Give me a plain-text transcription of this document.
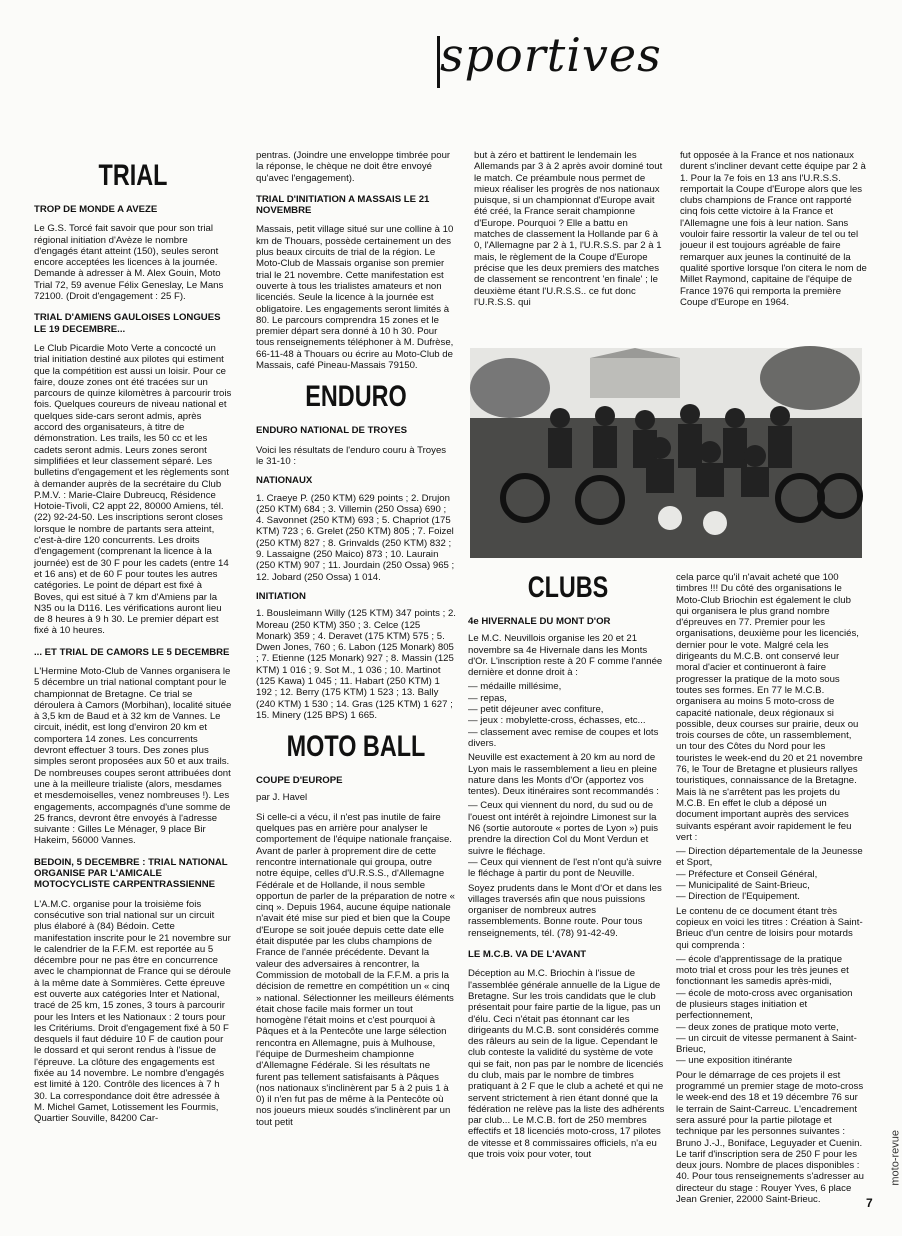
sportives
TRIAL
TROP DE MONDE A AVEZE

Le G.S. Torcé fait savoir que pour son trial régional initiation d'Avèze le nombre d'engagés étant atteint (150), seules seront encore acceptées les licences à la journée. Demande à adresser à M. Alex Gouin, Moto Trial 72, 59 avenue Félix Geneslay, Le Mans 72100. (Droit d'engagement : 25 F).

TRIAL D'AMIENS GAULOISES LONGUES LE 19 DECEMBRE...

Le Club Picardie Moto Verte a concocté un trial initiation destiné aux pilotes qui estiment que la compétition est aussi un loisir. Pour ce faire, douze zones ont été tracées sur un parcours de quinze kilomètres à parcourir trois fois. Quelques coureurs de niveau national et quelques side-cars seront admis, après accord des organisateurs, à titre de démonstration. Les trails, les 50 cc et les cadets seront admis. Leurs zones seront simplifiées et leur classement séparé. Les bulletins d'engagement et les règlements sont à demander auprès de la secrétaire du Club P.M.V. : Marie-Claire Dubreucq, Résidence Hotoie-Tivoli, C2 appt 22, 80000 Amiens, tél. (22) 92-24-50. Les inscriptions seront closes lorsque le nombre de partants sera atteint, c'est-à-dire 120 concurrents. Les droits d'engagement (comprenant la licence à la journée) est de 30 F pour les cadets (entre 14 et 16 ans) et de 60 F pour toutes les autres catégories. Le point de départ est fixé à Boves, qui est situé à 7 km d'Amiens par la N35 ou la D116. Les vérifications auront lieu de 8 heures à 9 h 30. Le premier départ est fixé à 10 heures.

... ET TRIAL DE CAMORS LE 5 DECEMBRE

L'Hermine Moto-Club de Vannes organisera le 5 décembre un trial national comptant pour le championnat de Bretagne. Ce trial se déroulera à Camors (Morbihan), localité située à 3,5 km de Baud et à 32 km de Vannes. Le circuit, inédit, est long d'environ 20 km et comportera 14 zones. Les concurrents devront effectuer 3 tours. Des zones plus simples seront proposées aux 50 et aux trails. De nombreuses coupes seront attribuées dont une à la meilleure trialiste (alors, mesdames et mesdemoiselles, venez nombreuses !). Les engagements, accompagnés d'une somme de 25 francs, devront être envoyés à l'adresse suivante : Gilles Le Ménager, 9 place Bir Hakeim, 56000 Vannes.

BEDOIN, 5 DECEMBRE : TRIAL NATIONAL ORGANISE PAR L'AMICALE MOTOCYCLISTE CARPENTRASSIENNE

L'A.M.C. organise pour la troisième fois consécutive son trial national sur un circuit plus élaboré à (84) Bédoin. Cette manifestation inscrite pour le 21 novembre sur le calendrier de la F.F.M. est reportée au 5 décembre pour ne pas être en concurrence avec le championnat de France qui se déroule à la même date à Sommières. Cette épreuve est ouverte aux catégories Inter et National, tracé de 25 km, 15 zones, 3 tours à parcourir pour les Inters et les Nationaux : 2 tours pour les Critériums. Droit d'engagement fixé à 50 F desquels il faut déduire 10 F de caution pour le dossard et qui seront rendus à l'issue de l'épreuve. La clôture des engagements est fixée au 14 novembre. Le nombre d'engagés est limité à 120. Contrôle des licences à 7 h 30. La correspondance doit être adressée à M. Michel Gamet, Lotissement les Fourmis, Quartier Souville, 84200 Car-

pentras. (Joindre une enveloppe timbrée pour la réponse, le chèque ne doit être envoyé qu'avec l'engagement).

TRIAL D'INITIATION A MASSAIS LE 21 NOVEMBRE

Massais, petit village situé sur une colline à 10 km de Thouars, possède certainement un des plus beaux circuits de trial de la région. Le Moto-Club de Massais organise son premier trial le 21 novembre. Cette manifestation est ouverte à tous les trialistes amateurs et non licenciés. Seule la licence à la journée est obligatoire. Les engagements seront limités à 80. Le parcours comprendra 15 zones et le premier départ sera donné à 10 h 30. Pour tous renseignements téléphoner à M. Dufrèse, 66-11-48 à Thouars ou écrire au Moto-Club de Massais, café Pineau-Massais 79150.

ENDURO
ENDURO NATIONAL DE TROYES

Voici les résultats de l'enduro couru à Troyes le 31-10 :

NATIONAUX

1. Craeye P. (250 KTM) 629 points ; 2. Drujon (250 KTM) 684 ; 3. Villemin (250 Ossa) 690 ; 4. Savonnet (250 KTM) 693 ; 5. Chapriot (175 KTM) 723 ; 6. Grelet (250 KTM) 805 ; 7. Foizel (250 KTM) 827 ; 8. Grinvalds (250 KTM) 832 ; 9. Lassaigne (250 Maico) 873 ; 10. Laurain (250 KTM) 907 ; 11. Jourdain (250 Ossa) 965 ; 12. Jobard (250 Ossa) 1 014.

INITIATION

1. Bousleimann Willy (125 KTM) 347 points ; 2. Moreau (250 KTM) 350 ; 3. Celce (125 Monark) 359 ; 4. Deravet (175 KTM) 575 ; 5. Dwen Jones, 760 ; 6. Labon (125 Monark) 805 ; 7. Etienne (125 Monark) 927 ; 8. Massin (125 KTM) 1 016 ; 9. Sot M., 1 036 ; 10. Martinot (125 Kawa) 1 045 ; 11. Habart (250 KTM) 1 192 ; 12. Berry (175 KTM) 1 523 ; 13. Bally (240 KTM) 1 530 ; 14. Gras (125 KTM) 1 627 ; 15. Minery (125 BPS) 1 665.

MOTO BALL
COUPE D'EUROPE
par J. Havel

Si celle-ci a vécu, il n'est pas inutile de faire quelques pas en arrière pour analyser le comportement de l'équipe nationale française. Avant de parler à proprement dire de cette rencontre internationale qui groupa, outre notre équipe, celles d'U.R.S.S., d'Allemagne Fédérale et de Hollande, il nous semble opportun de parler de la préparation de notre « cinq ». Depuis 1964, aucune équipe nationale n'avait été mise sur pied et bien que la Coupe d'Europe se soit jouée depuis cette date elle était disputée par les clubs champions de France de l'année précédente. Devant la valeur des adversaires à rencontrer, la Commission de motoball de la F.F.M. a pris la décision de remettre en compétition un « cinq » national. Sélectionner les meilleurs éléments était chose facile mais former un tout homogène l'était moins et c'est pourquoi à Pâques et à la Pentecôte une large sélection rencontra en Allemagne, puis à Mulhouse, l'équipe de Durmesheim championne d'Allemagne Fédérale. Si les résultats ne furent pas tellement satisfaisants à Pâques (nos nationaux s'inclinèrent par 5 à 2 puis 1 à 0) il n'en fut pas de même à la Pentecôte où nos joueurs mieux soudés s'inclinèrent par un tout petit

but à zéro et battirent le lendemain les Allemands par 3 à 2 après avoir dominé tout le match. Ce préambule nous permet de mieux réaliser les progrès de nos nationaux puisque, si un championnat d'Europe avait été créé, la France serait championne d'Europe. Pourquoi ? Elle a battu en matches de classement la Hollande par 6 à 0, l'Allemagne par 2 à 1, l'U.R.S.S. par 2 à 1 mais, le règlement de la Coupe d'Europe précise que les deux premiers des matches de classement se rencontrent 'en finale' ; le deuxième étant l'U.R.S.S.. ce fut donc l'U.R.S.S. qui

fut opposée à la France et nos nationaux durent s'incliner devant cette équipe par 2 à 1. Pour la 7e fois en 13 ans l'U.R.S.S. remportait la Coupe d'Europe alors que les clubs champions de France ont rapporté cinq fois cette victoire à la France et l'Allemagne une fois à leur nation. Sans vouloir faire ressortir la valeur de tel ou tel joueur il est toujours agréable de faire remarquer aux jeunes la continuité de la qualité sportive lorsque l'on citera le nom de Millet Raymond, capitaine de l'équipe de France 1976 qui remporta la première Coupe d'Europe en 1964.

CLUBS
4e HIVERNALE DU MONT D'OR

Le M.C. Neuvillois organise les 20 et 21 novembre sa 4e Hivernale dans les Monts d'Or. L'inscription reste à 20 F comme l'année dernière et donne droit à :

— médaille millésime,
— repas,
— petit déjeuner avec confiture,
— jeux : mobylette-cross, échasses, etc...
— classement avec remise de coupes et lots divers.

Neuville est exactement à 20 km au nord de Lyon mais le rassemblement a lieu en pleine nature dans les Monts d'Or (apportez vos tentes). Deux itinéraires sont recommandés :

— Ceux qui viennent du nord, du sud ou de l'ouest ont intérêt à rejoindre Limonest sur la N6 (sortie autoroute « portes de Lyon ») puis prendre la direction Col du Mont Verdun et suivre le fléchage.
— Ceux qui viennent de l'est n'ont qu'à suivre le fléchage à partir du pont de Neuville.

Soyez prudents dans le Mont d'Or et dans les villages traversés afin que nous puissions organiser de nombreux autres rassemblements. Bonne route. Pour tous renseignements, tél. (78) 91-42-49.

LE M.C.B. VA DE L'AVANT

Déception au M.C. Briochin à l'issue de l'assemblée générale annuelle de la Ligue de Bretagne. Sur les trois candidats que le club présentait pour faire partie de la ligue, pas un d'élu. Ceci n'était pas étonnant car les dirigeants du M.C.B. sont considérés comme des râleurs au sein de la ligue. Cependant le club conteste la validité du système de vote qui se fait, non pas par le nombre de licenciés du club, mais par le nombre de timbres pratiquant à 2 F que le club a acheté et qui ne servent strictement à rien étant donné que la fédération ne relève pas la liste des adhérents par club... Le M.C.B. fort de 250 membres effectifs et 18 licenciés moto-cross, 17 pilotes de vitesse et 8 commissaires officiels, n'a eu que trois voix pour voter, tout

cela parce qu'il n'avait acheté que 100 timbres !!! Du côté des organisations le Moto-Club Briochin est également le club qui organisera le plus grand nombre d'épreuves en 77. Premier pour les organisations, deuxième pour les licenciés, dernier pour le vote. Malgré cela les dirigeants du M.C.B. ont conservé leur moral d'acier et continueront à faire progresser la pratique de la moto sous toutes ses formes. En 77 le M.C.B. organisera au moins 5 moto-cross de capacité nationale, deux régionaux si possible, deux courses sur prairie, deux ou trois courses de côte, un rassemblement, un tour des Côtes du Nord pour les touristes le week-end du 20 et 21 novembre 76, le Tour de Bretagne et plusieurs rallyes touristiques, connaissance de la Bretagne. Mais là ne s'arrêtent pas les projets du M.C.B. En effet le club a déposé un document important auprès des services suivants espérant avoir rapidement le feu vert :

— Direction départementale de la Jeunesse et Sport,
— Préfecture et Conseil Général,
— Municipalité de Saint-Brieuc,
— Direction de l'Equipement.

Le contenu de ce document étant très copieux en voici les titres : Création à Saint-Brieuc d'un centre de loisirs pour motards qui comprenda :

— école d'apprentissage de la pratique moto trial et cross pour les très jeunes et fonctionnant les samedis après-midi,
— école de moto-cross avec organisation de plusieurs stages initiation et perfectionnement,
— deux zones de pratique moto verte,
— un circuit de vitesse permanent à Saint-Brieuc,
— une exposition itinérante

Pour le démarrage de ces projets il est programmé un premier stage de moto-cross le week-end des 18 et 19 décembre 76 sur le terrain de Saint-Carreuc. L'encadrement sera assuré pour la partie pilotage et technique par les personnes suivantes : Bruno J.-J., Boniface, Leguyader et Cuenin. Le tarif d'inscription sera de 250 F pour les deux jours. Nombre de places disponibles : 40. Pour tous renseignements s'adresser au directeur du stage : Rouyer Yves, 6 place Jean Grenier, 22000 Saint-Brieuc.

moto-revue
7
